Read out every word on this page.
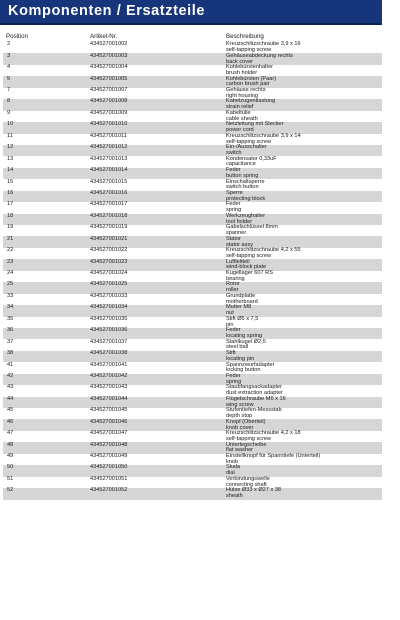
Komponenten / Ersatzteile
Position	Artikel-Nr.	Beschreibung
2	434527001002	Kreuzschlitzschraube 3,9 x 16
self-tapping screw
3	434527001003	Gehäuseabdeckung rechts
back cover
4	434527001004	Kohlebürstenhalter
brush holder
5	434527001005	Kohlebürsten (Paar)
carbon brush pair
7	434527001007	Gehäuse rechts
right housing
8	434527001008	Kabelzugentlastung
strain relief
9	434527001009	Kabeltülle
cable sheath
10	434527001010	Netzleitung mit Stecker
power cord
11	434527001011	Kreuzschlitzschraube 3,9 x 14
self-tapping screw
12	434527001012	Ein-/Ausschalter
switch
13	434527001013	Kondensator 0,33uF
capacitance
14	434527001014	Feder
button spring
15	434527001015	Einschaltsperre
switch button
16	434527001016	Sperre
protecting block
17	434527001017	Feder
spring
18	434527001018	Werkzeughalter
tool holder
19	434527001019	Gabelschlüssel 8mm
spanner
21	434527001021	Stator
stator assy
22	434527001022	Kreuzschlitzschraube 4,2 x 55
self-tapping screw
23	434527001023	Luftleitteil
wind-block plate
24	434527001024	Kugellager 607 RS
bearing
25	434527001025	Rotor
roller
33	434527001033	Grundplatte
motherboard
34	434527001034	Mutter M8
nut
35	434527001035	Stift Ø5 x 7,5
pin
36	434527001036	Feder
locating spring
37	434527001037	Stahlkugel Ø2,5
steel ball
38	434527001038	Stift
locating pin
41	434527001041	Spannzwurfadapter
locking button
42	434527001042	Feder
spring
43	434527001043	Staubfangsackadapter
dust extraction adapter
44	434527001044	Flügelschraube M6 x 16
wing screw
45	434527001045	Stufentiefen-Messstab
depth stop
46	434527001046	Knopf (Oberteil)
knob cover
47	434527001047	Kreuzschlitzschraube 4,2 x 18
self-tapping screw
48	434527001048	Unterlegscheibe
flat washer
49	434527001049	Einstellknopf für Spanntiefe (Unterteil)
knob
50	434527001050	Skala
dial
51	434527001051	Verbindungswelle
connecting shaft
52	434527001052	Hülse Ø33 x Ø27 x 38
sheath
